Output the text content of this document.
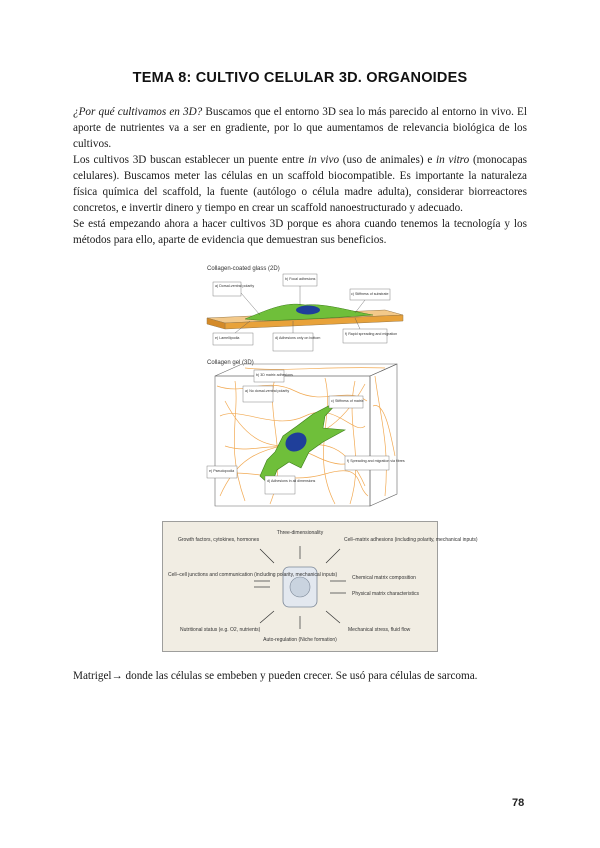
TEMA 8: CULTIVO CELULAR 3D. ORGANOIDES

¿Por qué cultivamos en 3D? Buscamos que el entorno 3D sea lo más parecido al entorno in vivo. El aporte de nutrientes va a ser en gradiente, por lo que aumentamos de relevancia biológica de los cultivos.

Los cultivos 3D buscan establecer un puente entre in vivo (uso de animales) e in vitro (monocapas celulares). Buscamos meter las células en un scaffold biocompatible. Es importante la naturaleza física química del scaffold, la fuente (autólogo o célula madre adulta), considerar biorreactores concretos, e invertir dinero y tiempo en crear un scaffold nanoestructurado y adecuado.

Se está empezando ahora a hacer cultivos 3D porque es ahora cuando tenemos la tecnología y los métodos para ello, aparte de evidencia que demuestran sus beneficios.

Collagen-coated glass (2D)
a) Dorsal-ventral polarity
b) Focal adhesions
c) Stiffness of substrate
e) Lamellipodia	d) Adhesions only on bottom
f) Rapid spreading and migration
Collagen gel (3D)
b) 3D matrix adhesions
a) No dorsal-ventral polarity
c) Stiffness of matrix
f) Spreading and migration via fibres
d) Adhesions in all dimensions
e) Pseudopodia
Three-dimensionality
Growth factors, cytokines, hormones	Cell–matrix adhesions (including polarity, mechanical inputs)
Cell–cell junctions and communication (including polarity, mechanical inputs)	Chemical matrix composition
Physical matrix characteristics
Nutritional status (e.g. O2, nutrients)	Mechanical stress, fluid flow
Auto-regulation (Niche formation)
Matrigel→ donde las células se embeben y pueden crecer. Se usó para células de sarcoma.
78
